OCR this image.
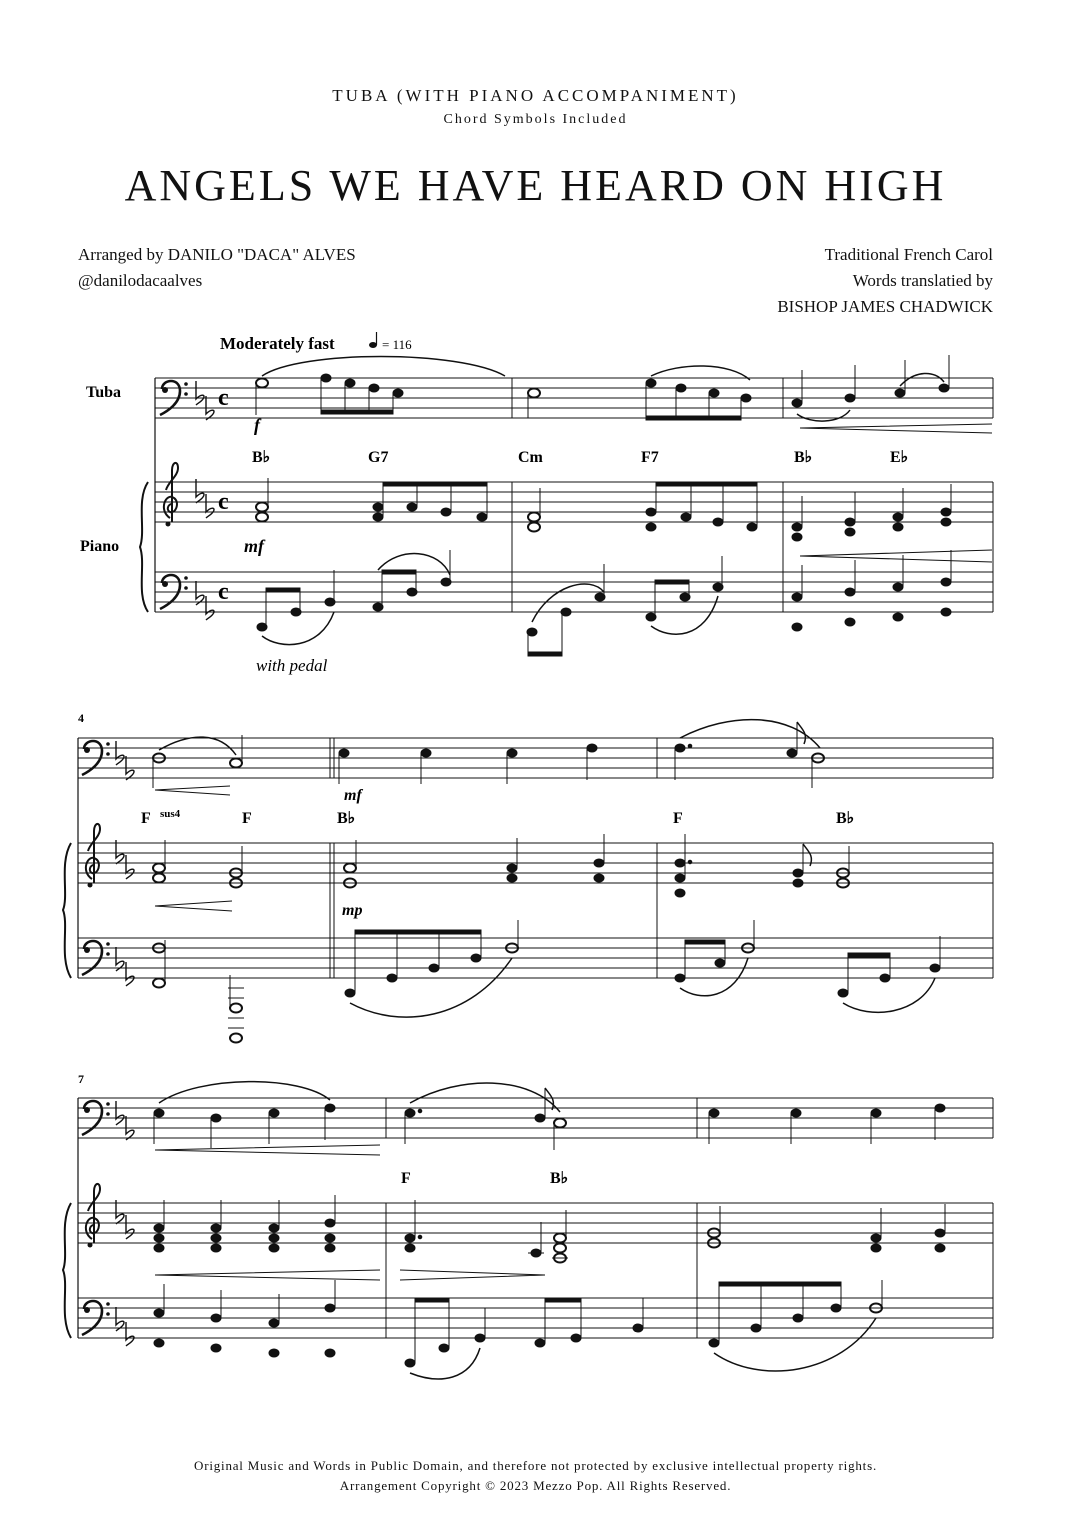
TUBA (WITH PIANO ACCOMPANIMENT)
Chord Symbols Included
ANGELS WE HAVE HEARD ON HIGH
Arranged by DANILO "DACA" ALVES
@danilodacaalves
Traditional French Carol
Words translatied by
BISHOP JAMES CHADWICK
Moderately fast	= 116
Tuba
Piano
c
c
c
f
B♭	G7	Cm	F7	B♭	E♭
mf
with pedal
4
mf
F sus4	F	B♭	F	B♭
mp
7
F	B♭
Original Music and Words in Public Domain, and therefore not protected by exclusive intellectual property rights.
Arrangement Copyright © 2023 Mezzo Pop. All Rights Reserved.
